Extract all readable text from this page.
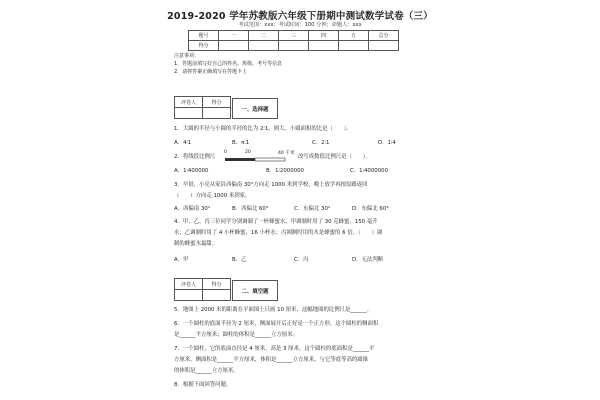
2019-2020 学年苏教版六年级下册期中测试数学试卷（三）
考试范围：xxx；考试时间：100 分钟；命题人：xxx
题号	一	二	三	四	五	总分
得分						
注意事项：
1．答题前填写好自己的姓名、班级、考号等信息
2．请将答案正确填写在答题卡上
评卷人	得分

一、选择题
1．大圆的半径与小圆的半径的比为 2∶1，则大、小圆面积的比是（　　）。
A．4∶1	B．π∶1	C．2∶1	D．1∶4
2．将线段比例尺
0	20	40 千米
改写成数值比例尺是（　　）。
A．1∶400000	B．1∶2000000	C．1∶4000000
3．早晨，小亮从家沿西偏南 30°方向走 1000 米到学校，晚上放学再按原路返回
（　　）方向走 1000 米到家。
A．西偏南 30°	B．西偏北 60°	C．东偏北 30°	D．东偏北 60°
4．甲、乙、丙三位同学分别调制了一杯蜂蜜水，甲调制时用了 30 克蜂蜜，150 毫升
水；乙调制时用了 4 小杯蜂蜜，16 小杯水；丙调制时用的水是蜂蜜的 6 倍，（　　）调
制的蜂蜜水最甜。
A．甲	B．乙	C．丙	D．无法判断
评卷人	得分

二、填空题
5．地图上 2000 米的距离在平面图上只画 10 厘米，这幅地图的比例尺是______。
6．一个圆柱的底面半径为 2 厘米，侧面展开后正好是一个正方形，这个圆柱的侧面积
是______平方厘米；圆柱的体积是______立方厘米。
7．一个圆柱，它的底面直径是 4 厘米，高是 3 厘米，这个圆柱的底面积是______平
方厘米，侧面积是______平方厘米，体积是______立方厘米，与它等底等高的圆锥
的体积是______立方厘米。
8．根据下面回答问题。
